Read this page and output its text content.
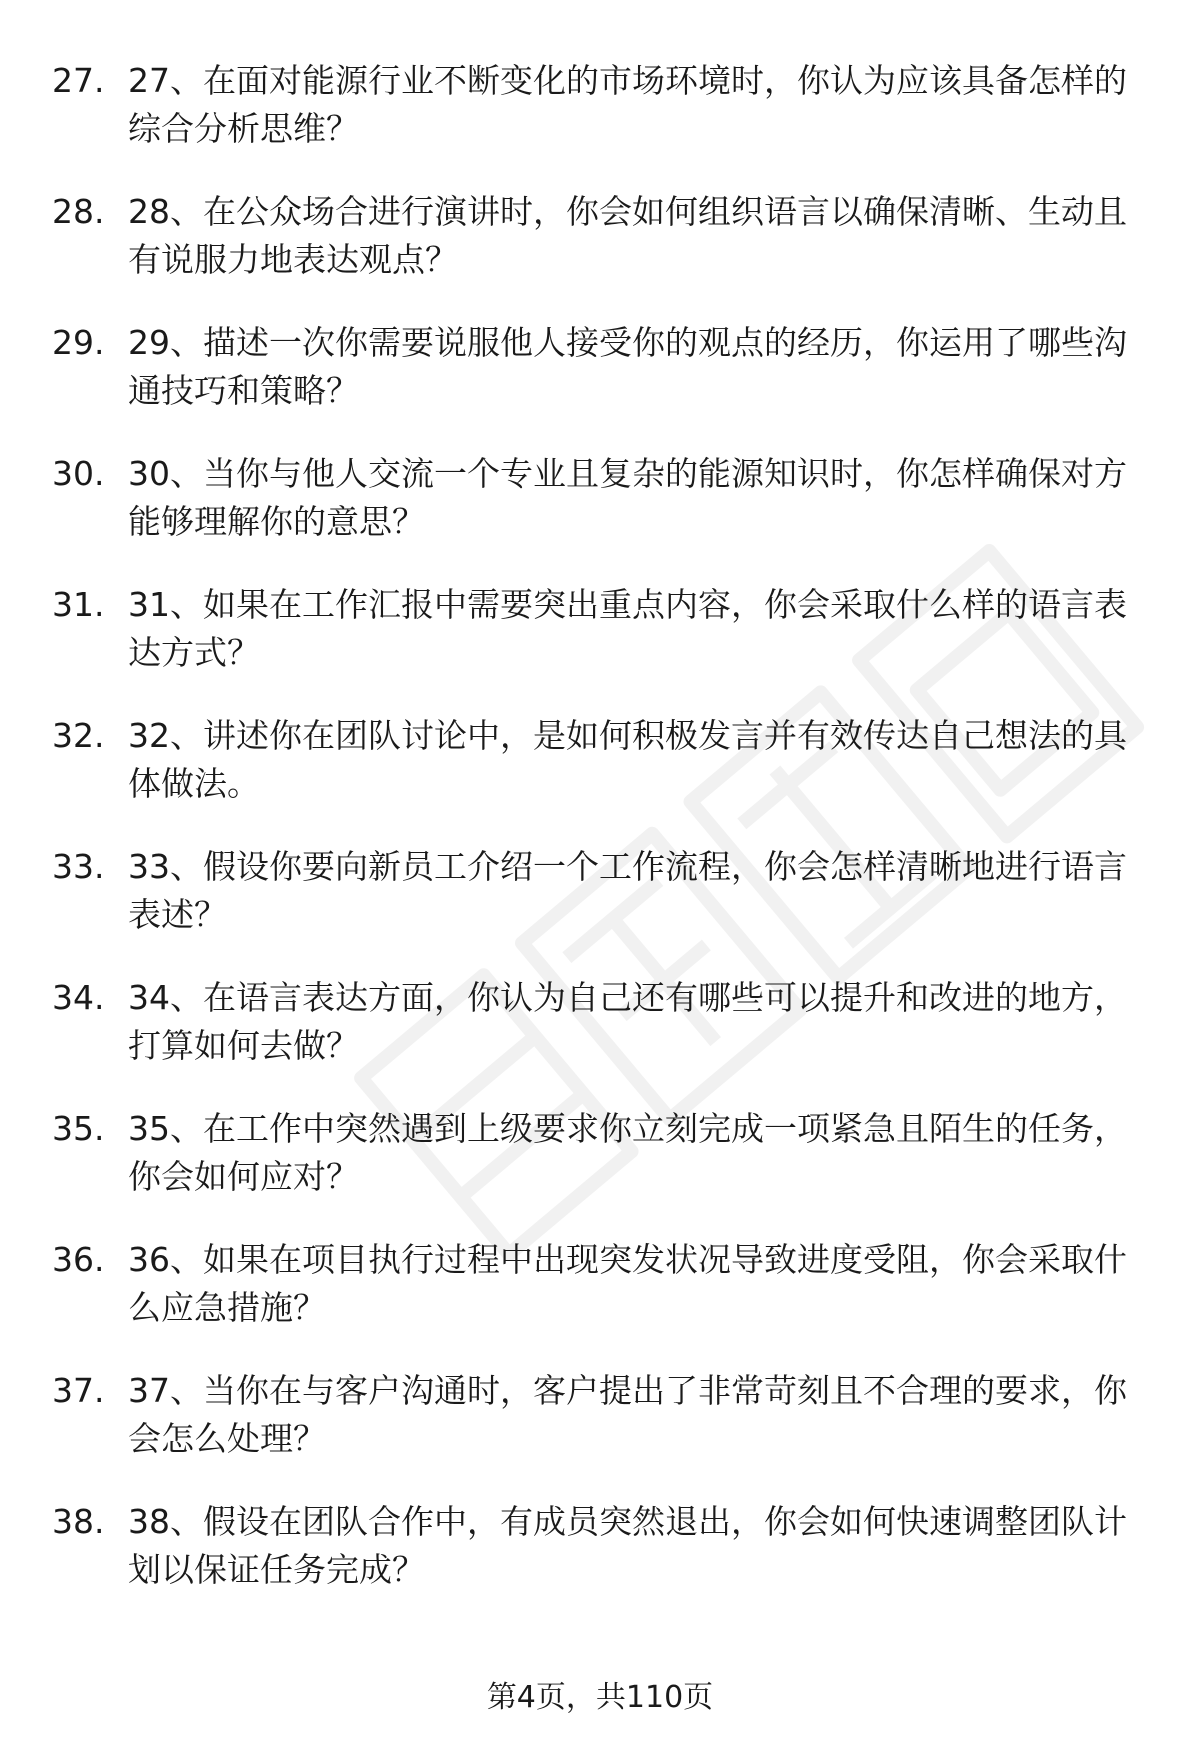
27. 27、在面对能源行业不断变化的市场环境时，你认为应该具备怎样的综合分析思维？
28. 28、在公众场合进行演讲时，你会如何组织语言以确保清晰、生动且有说服力地表达观点？
29. 29、描述一次你需要说服他人接受你的观点的经历，你运用了哪些沟通技巧和策略？
30. 30、当你与他人交流一个专业且复杂的能源知识时，你怎样确保对方能够理解你的意思？
31. 31、如果在工作汇报中需要突出重点内容，你会采取什么样的语言表达方式？
32. 32、讲述你在团队讨论中，是如何积极发言并有效传达自己想法的具体做法。
33. 33、假设你要向新员工介绍一个工作流程，你会怎样清晰地进行语言表述？
34. 34、在语言表达方面，你认为自己还有哪些可以提升和改进的地方，打算如何去做？
35. 35、在工作中突然遇到上级要求你立刻完成一项紧急且陌生的任务，你会如何应对？
36. 36、如果在项目执行过程中出现突发状况导致进度受阻，你会采取什么应急措施？
37. 37、当你在与客户沟通时，客户提出了非常苛刻且不合理的要求，你会怎么处理？
38. 38、假设在团队合作中，有成员突然退出，你会如何快速调整团队计划以保证任务完成？
第4页，共110页
